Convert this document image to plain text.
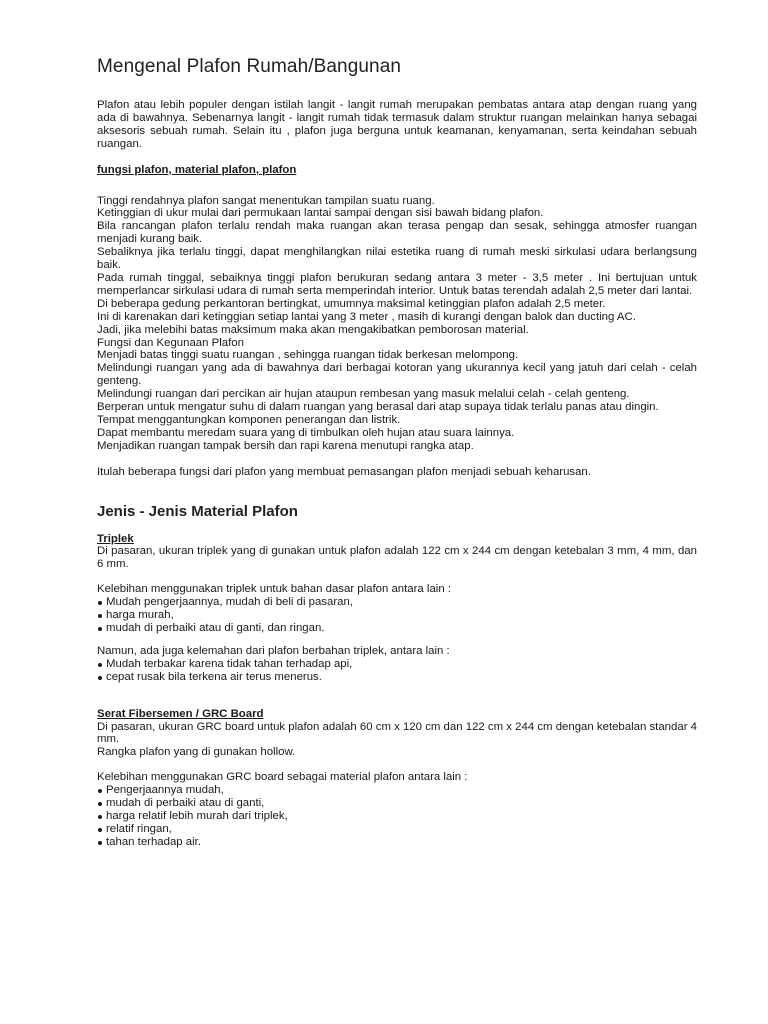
Mengenal Plafon Rumah/Bangunan

Plafon atau lebih populer dengan istilah langit - langit rumah merupakan pembatas antara atap dengan ruang yang ada di bawahnya. Sebenarnya langit - langit rumah tidak termasuk dalam struktur ruangan melainkan hanya sebagai aksesoris sebuah rumah. Selain itu , plafon juga berguna untuk keamanan, kenyamanan, serta keindahan sebuah ruangan.

fungsi plafon, material plafon, plafon

Tinggi rendahnya plafon sangat menentukan tampilan suatu ruang.

Ketinggian di ukur mulai dari permukaan lantai sampai dengan sisi bawah bidang plafon.

Bila rancangan plafon terlalu rendah maka ruangan akan terasa pengap dan sesak, sehingga atmosfer ruangan menjadi kurang baik.

Sebaliknya jika terlalu tinggi, dapat menghilangkan nilai estetika ruang di rumah meski sirkulasi udara berlangsung baik.

Pada rumah tinggal, sebaiknya tinggi plafon berukuran sedang antara 3 meter - 3,5 meter . Ini bertujuan untuk memperlancar sirkulasi udara di rumah serta memperindah interior. Untuk batas terendah adalah 2,5 meter dari lantai.

Di beberapa gedung perkantoran bertingkat, umumnya maksimal ketinggian plafon adalah 2,5 meter.

Ini di karenakan dari ketinggian setiap lantai yang 3 meter , masih di kurangi dengan balok dan ducting AC.

Jadi, jika melebihi batas maksimum maka akan mengakibatkan pemborosan material.

Fungsi dan Kegunaan Plafon

Menjadi batas tinggi suatu ruangan , sehingga ruangan tidak berkesan melompong.

Melindungi ruangan yang ada di bawahnya dari berbagai kotoran yang ukurannya kecil yang jatuh dari celah - celah genteng.

Melindungi ruangan dari percikan air hujan ataupun rembesan yang masuk melalui celah - celah genteng.

Berperan untuk mengatur suhu di dalam ruangan yang berasal dari atap supaya tidak terlalu panas atau dingin.

Tempat menggantungkan komponen penerangan dan listrik.

Dapat membantu meredam suara yang di timbulkan oleh hujan atau suara lainnya.

Menjadikan ruangan tampak bersih dan rapi karena menutupi rangka atap.

Itulah beberapa fungsi dari plafon yang membuat pemasangan plafon menjadi sebuah keharusan.

Jenis - Jenis Material Plafon

Triplek

Di pasaran, ukuran triplek yang di gunakan untuk plafon adalah 122 cm x 244 cm dengan ketebalan 3 mm, 4 mm, dan 6 mm.

Kelebihan menggunakan triplek untuk bahan dasar plafon antara lain :

Mudah pengerjaannya, mudah di beli di pasaran,
harga murah,
mudah di perbaiki atau di ganti, dan ringan.

Namun, ada juga kelemahan dari plafon berbahan triplek, antara lain :

Mudah terbakar karena tidak tahan terhadap api,
cepat rusak bila terkena air terus menerus.

Serat Fibersemen / GRC Board

Di pasaran, ukuran GRC board untuk plafon adalah 60 cm x 120 cm dan 122 cm x 244 cm dengan ketebalan standar 4 mm.

Rangka plafon yang di gunakan hollow.

Kelebihan menggunakan GRC board sebagai material plafon antara lain :

Pengerjaannya mudah,
mudah di perbaiki atau di ganti,
harga relatif lebih murah dari triplek,
relatif ringan,
tahan terhadap air.
